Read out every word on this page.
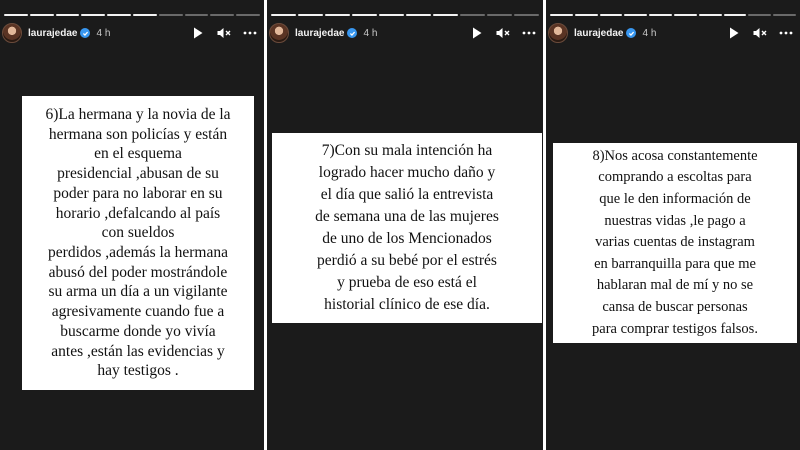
laurajedae 4 h	laurajedae 4 h	laurajedae 4 h
6)La hermana y la novia de la
hermana son policías y están
en el esquema
presidencial ,abusan de su
poder para no laborar en su
horario ,defalcando al país
con sueldos
perdidos ,además la hermana
abusó del poder mostrándole
su arma un día a un vigilante
agresivamente cuando fue a
buscarme donde yo vivía
antes ,están las evidencias y
hay testigos .
7)Con su mala intención ha
logrado hacer mucho daño y
el día que salió la entrevista
de semana una de las mujeres
de uno de los Mencionados
perdió a su bebé por el estrés
y prueba de eso está el
historial clínico de ese día.
8)Nos acosa constantemente
comprando a escoltas para
que le den información de
nuestras vidas ,le pago a
varias cuentas de instagram
en barranquilla para que me
hablaran mal de mí y no se
cansa de buscar personas
para comprar testigos falsos.
